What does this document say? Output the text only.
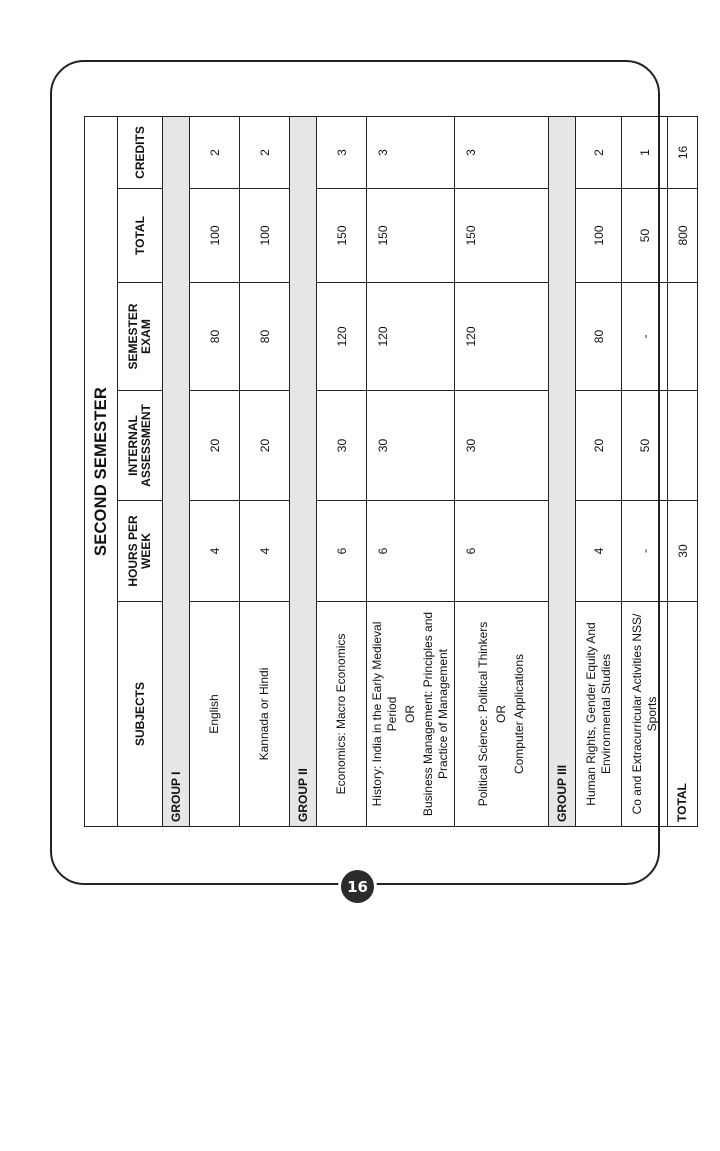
16
SECOND SEMESTER					
SUBJECTS	HOURS PER WEEK	INTERNAL ASSESSMENT	SEMESTER EXAM	TOTAL	CREDITS
GROUP I					

English	4	20	80	100	2

Kannada or Hindi	4	20	80	100	2
GROUP II					

Economics: Macro Economics	6	30	120	150	3

History: India in the Early Medieval Period OR Business Management: Principles and Practice of Management	6	30	120	150	3

Political Science: Political Thinkers OR Computer Applications	6	30	120	150	3
GROUP III					

Human Rights, Gender Equity And Environmental Studies	4	20	80	100	2

Co and Extracurricular Activities NSS/ Sports	-	50	-	50	1
TOTAL	30			800	16
